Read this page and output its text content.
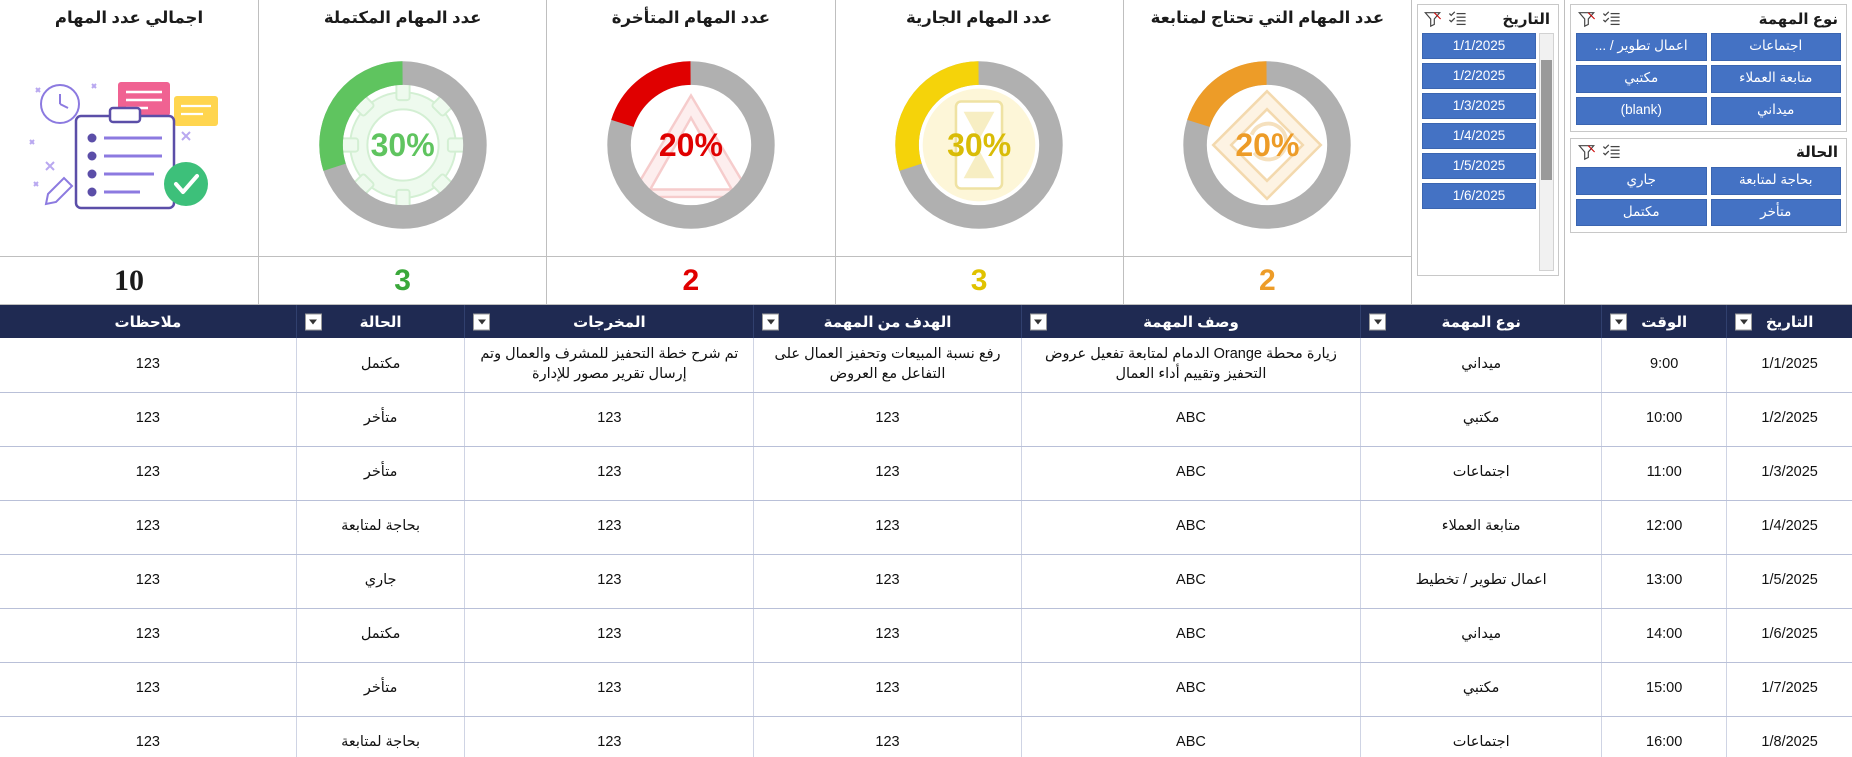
نوع المهمة
اجتماعات
اعمال تطوير / ...
متابعة العملاء
مكتبي
ميداني
(blank)
الحالة
بحاجة لمتابعة
جاري
متأخر
مكتمل
التاريخ
1/1/2025
1/2/2025
1/3/2025
1/4/2025
1/5/2025
1/6/2025
عدد المهام التي تحتاج لمتابعة
20%
2
عدد المهام الجارية
30%
3
عدد المهام المتأخرة
20%
2
عدد المهام المكتملة
30%
3
اجمالي عدد المهام
10
التاريخ	الوقت	نوع المهمة	وصف المهمة	الهدف من المهمة	المخرجات	الحالة	ملاحظات

1/1/2025	9:00	ميداني	زيارة محطة Orange الدمام لمتابعة تفعيل عروض التحفيز وتقييم أداء العمال	رفع نسبة المبيعات وتحفيز العمال على التفاعل مع العروض	تم شرح خطة التحفيز للمشرف والعمال وتم إرسال تقرير مصور للإدارة	مكتمل	123
1/2/2025	10:00	مكتبي	ABC	123	123	متأخر	123
1/3/2025	11:00	اجتماعات	ABC	123	123	متأخر	123
1/4/2025	12:00	متابعة العملاء	ABC	123	123	بحاجة لمتابعة	123
1/5/2025	13:00	اعمال تطوير / تخطيط	ABC	123	123	جاري	123
1/6/2025	14:00	ميداني	ABC	123	123	مكتمل	123
1/7/2025	15:00	مكتبي	ABC	123	123	متأخر	123
1/8/2025	16:00	اجتماعات	ABC	123	123	بحاجة لمتابعة	123
